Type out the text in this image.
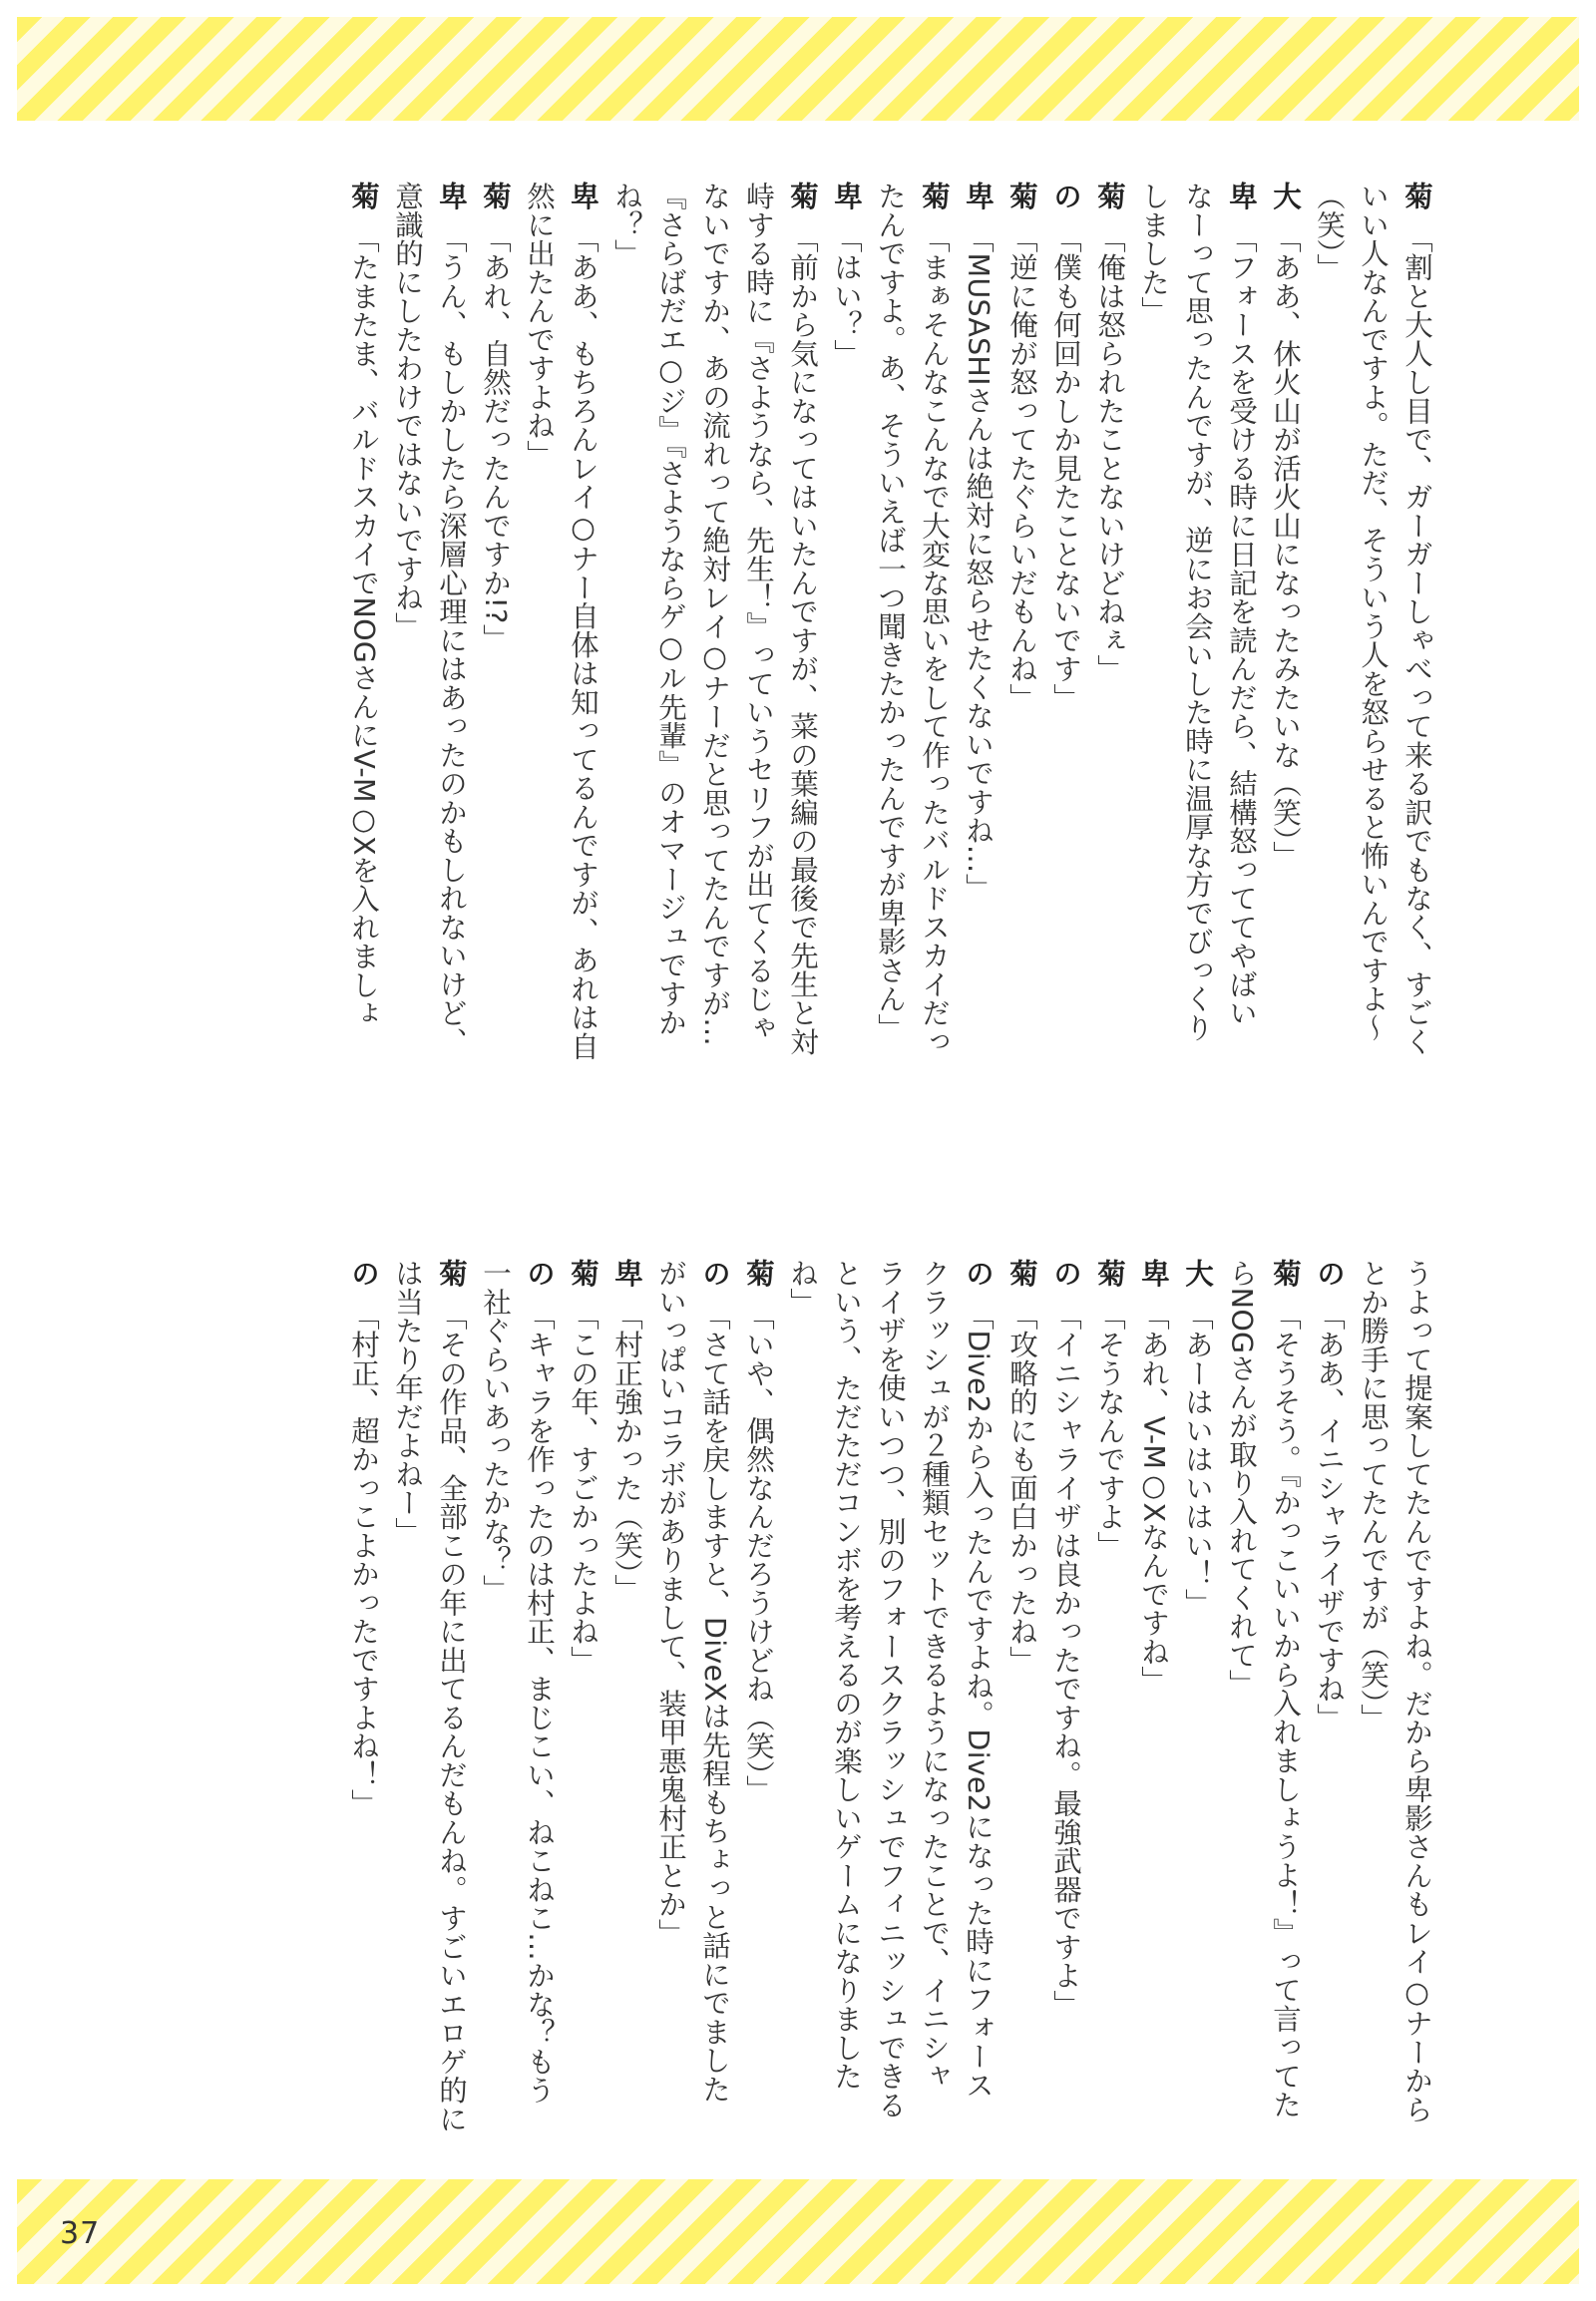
菊「割と大人し目で、ガーガーしゃべって来る訳でもなく、すごく
いい人なんですよ。ただ、そういう人を怒らせると怖いんですよ～
（笑）」
大「ああ、休火山が活火山になったみたいな（笑）」
卑「フォースを受ける時に日記を読んだら、結構怒っててやばい
なーって思ったんですが、逆にお会いした時に温厚な方でびっくり
しました」
菊「俺は怒られたことないけどねぇ」
の「僕も何回かしか見たことないです」
菊「逆に俺が怒ってたぐらいだもんね」
卑「MUSASHIさんは絶対に怒らせたくないですね…」
菊「まぁそんなこんなで大変な思いをして作ったバルドスカイだっ
たんですよ。あ、そういえば一つ聞きたかったんですが卑影さん」
卑「はい？」
菊「前から気になってはいたんですが、菜の葉編の最後で先生と対
峙する時に『さようなら、先生！』っていうセリフが出てくるじゃ
ないですか、あの流れって絶対レイ○ナーだと思ってたんですが…
『さらばだエ○ジ』『さようならゲ○ル先輩』のオマージュですか
ね？」
卑「ああ、もちろんレイ○ナー自体は知ってるんですが、あれは自
然に出たんですよね」
菊「あれ、自然だったんですか!?」
卑「うん、もしかしたら深層心理にはあったのかもしれないけど、
意識的にしたわけではないですね」
菊「たまたま、バルドスカイでNOGさんにV-M○Xを入れましょ
うよって提案してたんですよね。だから卑影さんもレイ○ナーから
とか勝手に思ってたんですが（笑）」
の「ああ、イニシャライザですね」
菊「そうそう。『かっこいいから入れましょうよ！』って言ってた
らNOGさんが取り入れてくれて」
大「あーはいはいはい！」
卑「あれ、V-M○Xなんですね」
菊「そうなんですよ」
の「イニシャライザは良かったですね。最強武器ですよ」
菊「攻略的にも面白かったね」
の「Dive2から入ったんですよね。Dive2になった時にフォース
クラッシュが２種類セットできるようになったことで、イニシャ
ライザを使いつつ、別のフォースクラッシュでフィニッシュできる
という、ただただコンボを考えるのが楽しいゲームになりました
ね」
菊「いや、偶然なんだろうけどね（笑）」
の「さて話を戻しますと、DiveXは先程もちょっと話にでました
がいっぱいコラボがありまして、装甲悪鬼村正とか」
卑「村正強かった（笑）」
菊「この年、すごかったよね」
の「キャラを作ったのは村正、まじこい、ねこねこ…かな？もう
一社ぐらいあったかな？」
菊「その作品、全部この年に出てるんだもんね。すごいエロゲ的に
は当たり年だよねー」
の「村正、超かっこよかったですよね！」
37
